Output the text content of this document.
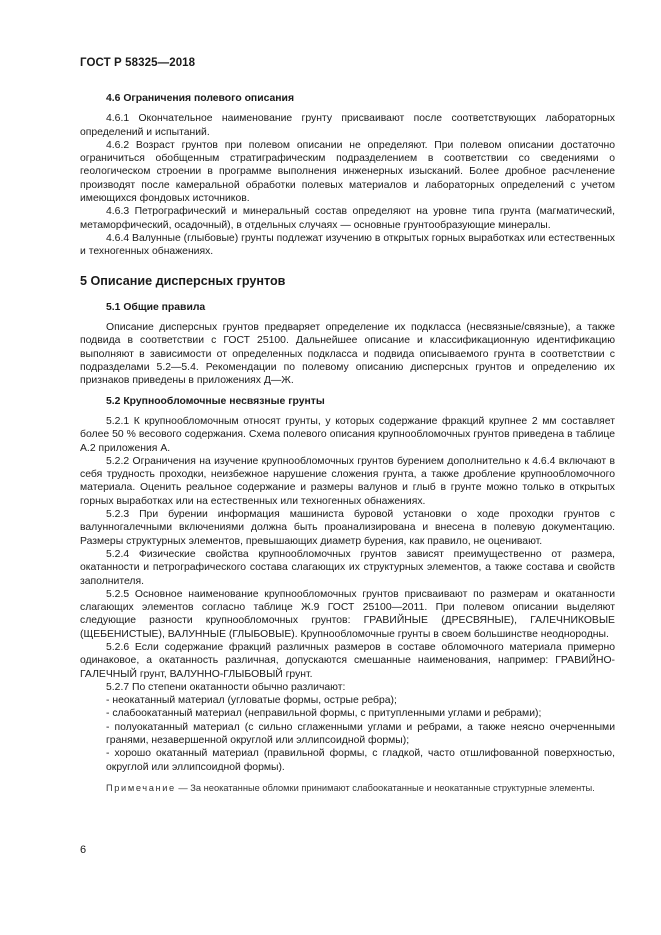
ГОСТ Р 58325—2018

4.6 Ограничения полевого описания

4.6.1 Окончательное наименование грунту присваивают после соответствующих лабораторных определений и испытаний.

4.6.2 Возраст грунтов при полевом описании не определяют. При полевом описании достаточно ограничиться обобщенным стратиграфическим подразделением в соответствии со сведениями о геологическом строении в программе выполнения инженерных изысканий. Более дробное расчленение производят после камеральной обработки полевых материалов и лабораторных определений с учетом имеющихся фондовых источников.

4.6.3 Петрографический и минеральный состав определяют на уровне типа грунта (магматический, метаморфический, осадочный), в отдельных случаях — основные грунтообразующие минералы.

4.6.4 Валунные (глыбовые) грунты подлежат изучению в открытых горных выработках или естественных и техногенных обнажениях.

5 Описание дисперсных грунтов

5.1 Общие правила

Описание дисперсных грунтов предваряет определение их подкласса (несвязные/связные), а также подвида в соответствии с ГОСТ 25100. Дальнейшее описание и классификационную идентификацию выполняют в зависимости от определенных подкласса и подвида описываемого грунта в соответствии с подразделами 5.2—5.4. Рекомендации по полевому описанию дисперсных грунтов и определению их признаков приведены в приложениях Д—Ж.

5.2 Крупнообломочные несвязные грунты

5.2.1 К крупнообломочным относят грунты, у которых содержание фракций крупнее 2 мм составляет более 50 % весового содержания. Схема полевого описания крупнообломочных грунтов приведена в таблице А.2 приложения А.

5.2.2 Ограничения на изучение крупнообломочных грунтов бурением дополнительно к 4.6.4 включают в себя трудность проходки, неизбежное нарушение сложения грунта, а также дробление крупнообломочного материала. Оценить реальное содержание и размеры валунов и глыб в грунте можно только в открытых горных выработках или на естественных или техногенных обнажениях.

5.2.3 При бурении информация машиниста буровой установки о ходе проходки грунтов с валунногалечными включениями должна быть проанализирована и внесена в полевую документацию. Размеры структурных элементов, превышающих диаметр бурения, как правило, не оценивают.

5.2.4 Физические свойства крупнообломочных грунтов зависят преимущественно от размера, окатанности и петрографического состава слагающих их структурных элементов, а также состава и свойств заполнителя.

5.2.5 Основное наименование крупнообломочных грунтов присваивают по размерам и окатанности слагающих элементов согласно таблице Ж.9 ГОСТ 25100—2011. При полевом описании выделяют следующие разности крупнообломочных грунтов: ГРАВИЙНЫЕ (ДРЕСВЯНЫЕ), ГАЛЕЧНИКОВЫЕ (ЩЕБЕНИСТЫЕ), ВАЛУННЫЕ (ГЛЫБОВЫЕ). Крупнообломочные грунты в своем большинстве неоднородны.

5.2.6 Если содержание фракций различных размеров в составе обломочного материала примерно одинаковое, а окатанность различная, допускаются смешанные наименования, например: ГРАВИЙНО-ГАЛЕЧНЫЙ грунт, ВАЛУННО-ГЛЫБОВЫЙ грунт.

5.2.7 По степени окатанности обычно различают:

- неокатанный материал (угловатые формы, острые ребра);
- слабоокатанный материал (неправильной формы, с притупленными углами и ребрами);
- полуокатанный материал (с сильно сглаженными углами и ребрами, а также неясно очерченными гранями, незавершенной округлой или эллипсоидной формы);
- хорошо окатанный материал (правильной формы, с гладкой, часто отшлифованной поверхностью, округлой или эллипсоидной формы).

Примечание — За неокатанные обломки принимают слабоокатанные и неокатанные структурные элементы.

6
